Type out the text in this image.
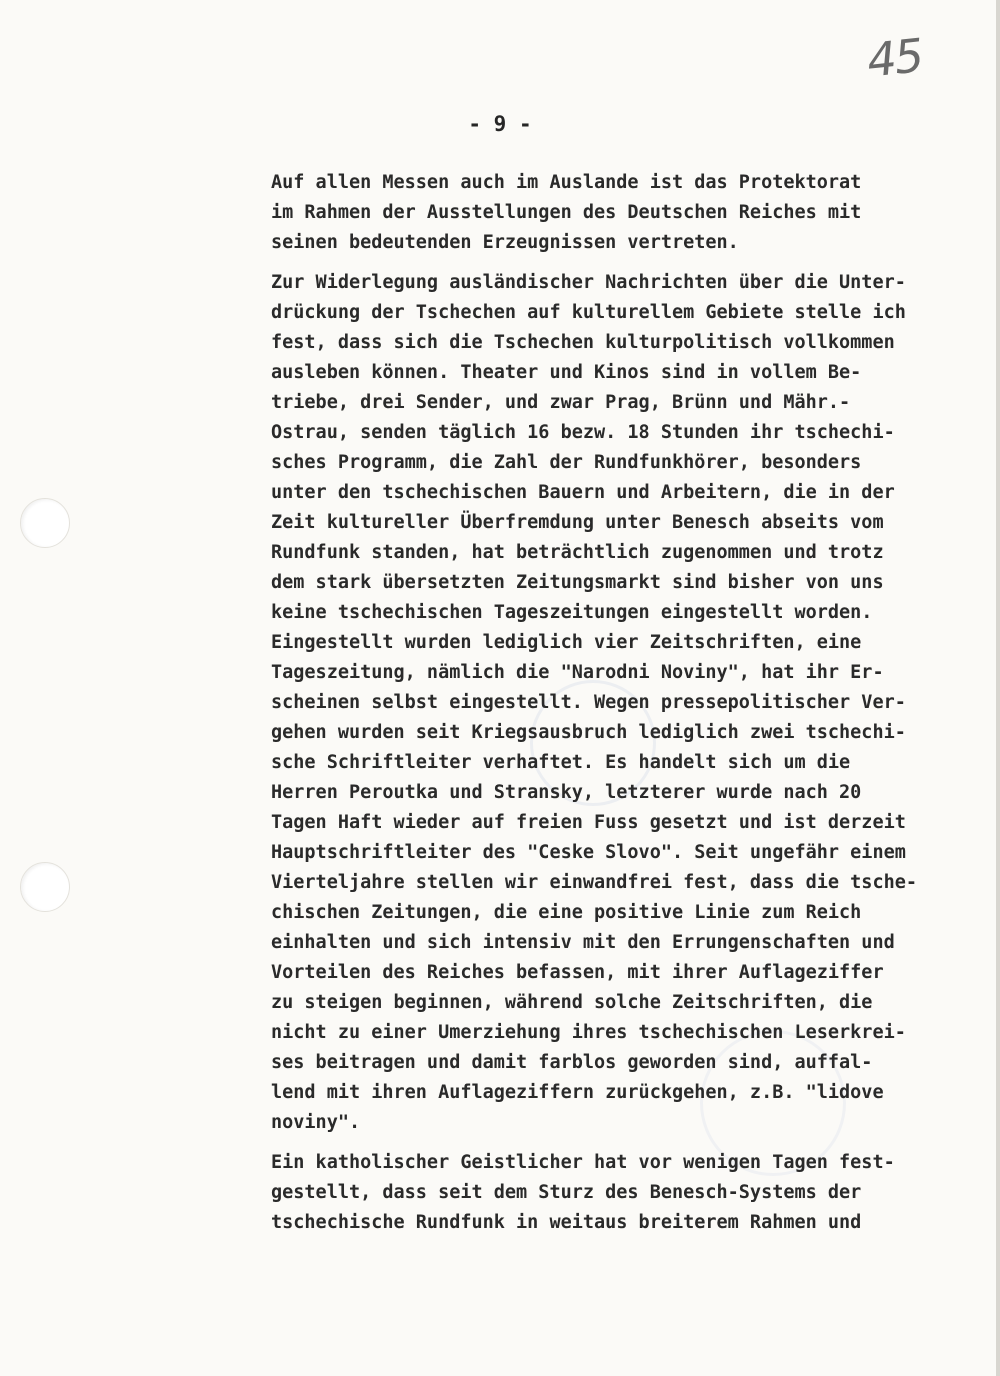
45
- 9 -
Auf allen Messen auch im Auslande ist das Protektorat
im Rahmen der Ausstellungen des Deutschen Reiches mit
seinen bedeutenden Erzeugnissen vertreten.
Zur Widerlegung ausländischer Nachrichten über die Unter-
drückung der Tschechen auf kulturellem Gebiete stelle ich
fest, dass sich die Tschechen kulturpolitisch vollkommen
ausleben können. Theater und Kinos sind in vollem Be-
triebe, drei Sender, und zwar Prag, Brünn und Mähr.-
Ostrau, senden täglich 16 bezw. 18 Stunden ihr tschechi-
sches Programm, die Zahl der Rundfunkhörer, besonders
unter den tschechischen Bauern und Arbeitern, die in der
Zeit kultureller Überfremdung unter Benesch abseits vom
Rundfunk standen, hat beträchtlich zugenommen und trotz
dem stark übersetzten Zeitungsmarkt sind bisher von uns
keine tschechischen Tageszeitungen eingestellt worden.
Eingestellt wurden lediglich vier Zeitschriften, eine
Tageszeitung, nämlich die "Narodni Noviny", hat ihr Er-
scheinen selbst eingestellt. Wegen pressepolitischer Ver-
gehen wurden seit Kriegsausbruch lediglich zwei tschechi-
sche Schriftleiter verhaftet. Es handelt sich um die
Herren Peroutka und Stransky, letzterer wurde nach 20
Tagen Haft wieder auf freien Fuss gesetzt und ist derzeit
Hauptschriftleiter des "Ceske Slovo". Seit ungefähr einem
Vierteljahre stellen wir einwandfrei fest, dass die tsche-
chischen Zeitungen, die eine positive Linie zum Reich
einhalten und sich intensiv mit den Errungenschaften und
Vorteilen des Reiches befassen, mit ihrer Auflageziffer
zu steigen beginnen, während solche Zeitschriften, die
nicht zu einer Umerziehung ihres tschechischen Leserkrei-
ses beitragen und damit farblos geworden sind, auffal-
lend mit ihren Auflageziffern zurückgehen, z.B. "lidove
noviny".
Ein katholischer Geistlicher hat vor wenigen Tagen fest-
gestellt, dass seit dem Sturz des Benesch-Systems der
tschechische Rundfunk in weitaus breiterem Rahmen und
